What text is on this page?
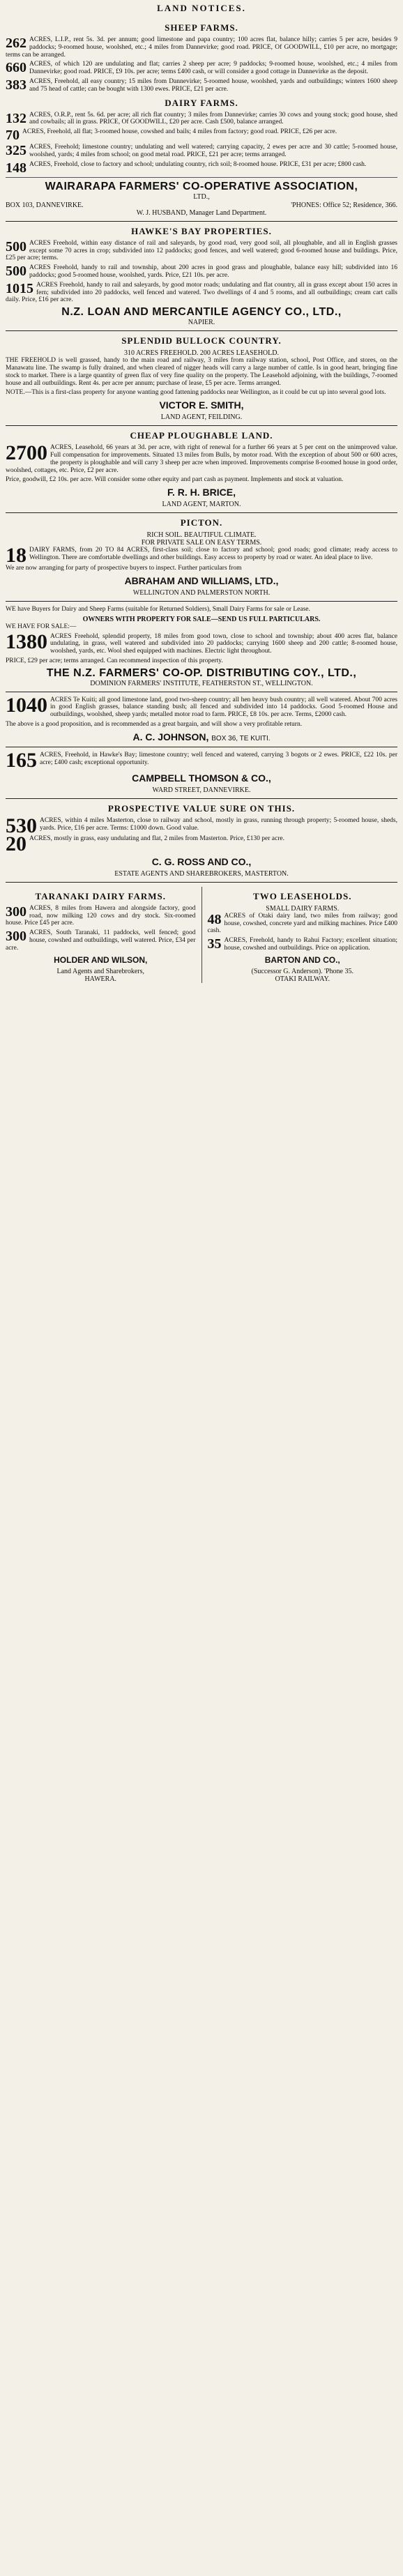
LAND NOTICES.
SHEEP FARMS.
262 ACRES, L.I.P., rent 5s. 3d. per annum; good limestone and papa country; 100 acres flat, balance hilly; carries 5 per acre, besides 9 paddocks; 9-roomed house, woolshed, etc.; 4 miles from Dannevirke; good road. PRICE, Of GOODWILL, £10 per acre, no mortgage; terms can be arranged.
660 ACRES, of which 120 are undulating and flat; carries 2 sheep per acre; 9 paddocks; 9-roomed house, woolshed, etc.; 4 miles from Dannevirke; good road. PRICE, £9 10s. per acre; terms £400 cash, or will consider a good cottage in Dannevirke as the deposit.
383 ACRES, Freehold, all easy country; 15 miles from Dannevirke; 5-roomed house, woolshed, yards and outbuildings; winters 1600 sheep and 75 head of cattle; can be bought with 1300 ewes. PRICE, £21 per acre.
DAIRY FARMS.
132 ACRES, O.R.P., rent 5s. 6d. per acre; all rich flat country; 3 miles from Dannevirke; carries 30 cows and young stock; good house, shed and cowbails; all in grass. PRICE, Of GOODWILL, £20 per acre. Cash £500, balance arranged.
70 ACRES, Freehold, all flat; 3-roomed house, cowshed and bails; 4 miles from factory; good road. PRICE, £26 per acre.
325 ACRES, Freehold; limestone country; undulating and well watered; carrying capacity, 2 ewes per acre and 30 cattle; 5-roomed house, woolshed, yards; 4 miles from school; on good metal road. PRICE, £21 per acre; terms arranged.
148 ACRES, Freehold, close to factory and school; undulating country, rich soil; 8-roomed house. PRICE, £31 per acre; £800 cash.
WAIRARAPA FARMERS' CO-OPERATIVE ASSOCIATION,
LTD.,
BOX 103, DANNEVIRKE.	'PHONES: Office 52; Residence, 366.
W. J. HUSBAND, Manager Land Department.
HAWKE'S BAY PROPERTIES.
500 ACRES Freehold, within easy distance of rail and saleyards, by good road, very good soil, all ploughable, and all in English grasses except some 70 acres in crop; subdivided into 12 paddocks; good fences, and well watered; good 6-roomed house and buildings. Price, £25 per acre; terms.
500 ACRES Freehold, handy to rail and township, about 200 acres in good grass and ploughable, balance easy hill; subdivided into 16 paddocks; good 5-roomed house, woolshed, yards. Price, £21 10s. per acre.
1015 ACRES Freehold, handy to rail and saleyards, by good motor roads; undulating and flat country, all in grass except about 150 acres in fern; subdivided into 20 paddocks, well fenced and watered. Two dwellings of 4 and 5 rooms, and all outbuildings; cream cart calls daily. Price, £16 per acre.
N.Z. LOAN AND MERCANTILE AGENCY CO., LTD.,
NAPIER.
SPLENDID BULLOCK COUNTRY.
310 ACRES FREEHOLD. 200 ACRES LEASEHOLD.
THE FREEHOLD is well grassed, handy to the main road and railway, 3 miles from railway station, school, Post Office, and stores, on the Manawatu line. The swamp is fully drained, and when cleared of nigger heads will carry a large number of cattle. Is in good heart, bringing fine stock to market. There is a large quantity of green flax of very fine quality on the property. The Leasehold adjoining, with the buildings, 7-roomed house and all outbuildings. Rent 4s. per acre per annum; purchase of lease, £5 per acre. Terms arranged.
NOTE.—This is a first-class property for anyone wanting good fattening paddocks near Wellington, as it could be cut up into several good lots.
VICTOR E. SMITH,
LAND AGENT, FEILDING.
CHEAP PLOUGHABLE LAND.
2700 ACRES, Leasehold, 66 years at 3d. per acre, with right of renewal for a further 66 years at 5 per cent on the unimproved value. Full compensation for improvements. Situated 13 miles from Bulls, by motor road. With the exception of about 500 or 600 acres, the property is ploughable and will carry 3 sheep per acre when improved. Improvements comprise 8-roomed house in good order, woolshed, cottages, etc. Price, £2 per acre.
Price, goodwill, £2 10s. per acre. Will consider some other equity and part cash as payment. Implements and stock at valuation.
F. R. H. BRICE,
LAND AGENT, MARTON.
PICTON.
RICH SOIL. BEAUTIFUL CLIMATE.
FOR PRIVATE SALE ON EASY TERMS.
18 DAIRY FARMS, from 20 TO 84 ACRES, first-class soil; close to factory and school; good roads; good climate; ready access to Wellington. There are comfortable dwellings and other buildings. Easy access to property by road or water. An ideal place to live.
We are now arranging for party of prospective buyers to inspect. Further particulars from
ABRAHAM AND WILLIAMS, LTD.,
WELLINGTON AND PALMERSTON NORTH.
WE have Buyers for Dairy and Sheep Farms (suitable for Returned Soldiers), Small Dairy Farms for sale or Lease.
OWNERS WITH PROPERTY FOR SALE—SEND US FULL PARTICULARS.
WE HAVE FOR SALE:—
1380 ACRES Freehold, splendid property, 18 miles from good town, close to school and township; about 400 acres flat, balance undulating, in grass, well watered and subdivided into 20 paddocks; carrying 1600 sheep and 200 cattle; 8-roomed house, woolshed, yards, etc. Wool shed equipped with machines. Electric light throughout.
PRICE, £29 per acre; terms arranged. Can recommend inspection of this property.
THE N.Z. FARMERS' CO-OP. DISTRIBUTING COY., LTD.,
DOMINION FARMERS' INSTITUTE, FEATHERSTON ST., WELLINGTON.
1040 ACRES Te Kuiti; all good limestone land, good two-sheep country; all hen heavy bush country; all well watered. About 700 acres in good English grasses, balance standing bush; all fenced and subdivided into 14 paddocks. Good 5-roomed House and outbuildings, woolshed, sheep yards; metalled motor road to farm. PRICE, £8 10s. per acre. Terms, £2000 cash.
The above is a good proposition, and is recommended as a great bargain, and will show a very profitable return.
A. C. JOHNSON, BOX 36, TE KUITI.
165 ACRES, Freehold, in Hawke's Bay; limestone country; well fenced and watered, carrying 3 bogots or 2 ewes. PRICE, £22 10s. per acre; £400 cash; exceptional opportunity.
CAMPBELL THOMSON & CO.,
WARD STREET, DANNEVIRKE.
PROSPECTIVE VALUE SURE ON THIS.
530 ACRES, within 4 miles Masterton, close to railway and school, mostly in grass, running through property; 5-roomed house, sheds, yards. Price, £16 per acre. Terms: £1000 down. Good value.
20 ACRES, mostly in grass, easy undulating and flat, 2 miles from Masterton. Price, £130 per acre.
C. G. ROSS AND CO.,
ESTATE AGENTS AND SHAREBROKERS, MASTERTON.
TARANAKI DAIRY FARMS.
300 ACRES, 8 miles from Hawera and alongside factory, good road, now milking 120 cows and dry stock. Six-roomed house. Price £45 per acre.
300 ACRES, South Taranaki, 11 paddocks, well fenced; good house, cowshed and outbuildings, well watered. Price, £34 per acre.
HOLDER AND WILSON,
Land Agents and Sharebrokers,
HAWERA.
TWO LEASEHOLDS.
SMALL DAIRY FARMS.
48 ACRES of Otaki dairy land, two miles from railway; good house, cowshed, concrete yard and milking machines. Price £400 cash.
35 ACRES, Freehold, handy to Rahui Factory; excellent situation; house, cowshed and outbuildings. Price on application.
BARTON AND CO.,
(Successor G. Anderson). 'Phone 35.
OTAKI RAILWAY.
